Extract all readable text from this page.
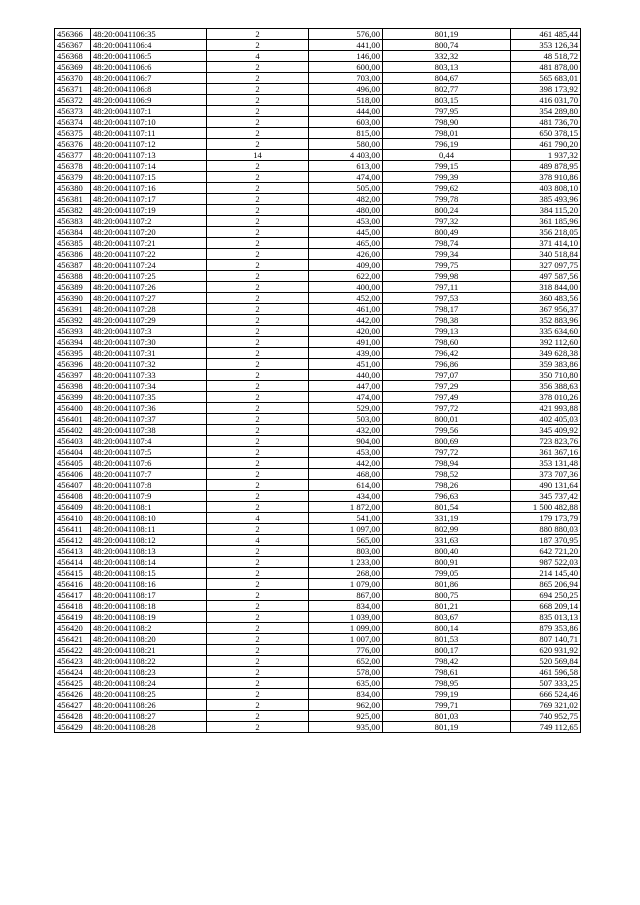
456366	48:20:0041106:35	2	576,00	801,19	461 485,44
456367	48:20:0041106:4	2	441,00	800,74	353 126,34
456368	48:20:0041106:5	4	146,00	332,32	48 518,72
456369	48:20:0041106:6	2	600,00	803,13	481 878,00
456370	48:20:0041106:7	2	703,00	804,67	565 683,01
456371	48:20:0041106:8	2	496,00	802,77	398 173,92
456372	48:20:0041106:9	2	518,00	803,15	416 031,70
456373	48:20:0041107:1	2	444,00	797,95	354 289,80
456374	48:20:0041107:10	2	603,00	798,90	481 736,70
456375	48:20:0041107:11	2	815,00	798,01	650 378,15
456376	48:20:0041107:12	2	580,00	796,19	461 790,20
456377	48:20:0041107:13	14	4 403,00	0,44	1 937,32
456378	48:20:0041107:14	2	613,00	799,15	489 878,95
456379	48:20:0041107:15	2	474,00	799,39	378 910,86
456380	48:20:0041107:16	2	505,00	799,62	403 808,10
456381	48:20:0041107:17	2	482,00	799,78	385 493,96
456382	48:20:0041107:19	2	480,00	800,24	384 115,20
456383	48:20:0041107:2	2	453,00	797,32	361 185,96
456384	48:20:0041107:20	2	445,00	800,49	356 218,05
456385	48:20:0041107:21	2	465,00	798,74	371 414,10
456386	48:20:0041107:22	2	426,00	799,34	340 518,84
456387	48:20:0041107:24	2	409,00	799,75	327 097,75
456388	48:20:0041107:25	2	622,00	799,98	497 587,56
456389	48:20:0041107:26	2	400,00	797,11	318 844,00
456390	48:20:0041107:27	2	452,00	797,53	360 483,56
456391	48:20:0041107:28	2	461,00	798,17	367 956,37
456392	48:20:0041107:29	2	442,00	798,38	352 883,96
456393	48:20:0041107:3	2	420,00	799,13	335 634,60
456394	48:20:0041107:30	2	491,00	798,60	392 112,60
456395	48:20:0041107:31	2	439,00	796,42	349 628,38
456396	48:20:0041107:32	2	451,00	796,86	359 383,86
456397	48:20:0041107:33	2	440,00	797,07	350 710,80
456398	48:20:0041107:34	2	447,00	797,29	356 388,63
456399	48:20:0041107:35	2	474,00	797,49	378 010,26
456400	48:20:0041107:36	2	529,00	797,72	421 993,88
456401	48:20:0041107:37	2	503,00	800,01	402 405,03
456402	48:20:0041107:38	2	432,00	799,56	345 409,92
456403	48:20:0041107:4	2	904,00	800,69	723 823,76
456404	48:20:0041107:5	2	453,00	797,72	361 367,16
456405	48:20:0041107:6	2	442,00	798,94	353 131,48
456406	48:20:0041107:7	2	468,00	798,52	373 707,36
456407	48:20:0041107:8	2	614,00	798,26	490 131,64
456408	48:20:0041107:9	2	434,00	796,63	345 737,42
456409	48:20:0041108:1	2	1 872,00	801,54	1 500 482,88
456410	48:20:0041108:10	4	541,00	331,19	179 173,79
456411	48:20:0041108:11	2	1 097,00	802,99	880 880,03
456412	48:20:0041108:12	4	565,00	331,63	187 370,95
456413	48:20:0041108:13	2	803,00	800,40	642 721,20
456414	48:20:0041108:14	2	1 233,00	800,91	987 522,03
456415	48:20:0041108:15	2	268,00	799,05	214 145,40
456416	48:20:0041108:16	2	1 079,00	801,86	865 206,94
456417	48:20:0041108:17	2	867,00	800,75	694 250,25
456418	48:20:0041108:18	2	834,00	801,21	668 209,14
456419	48:20:0041108:19	2	1 039,00	803,67	835 013,13
456420	48:20:0041108:2	2	1 099,00	800,14	879 353,86
456421	48:20:0041108:20	2	1 007,00	801,53	807 140,71
456422	48:20:0041108:21	2	776,00	800,17	620 931,92
456423	48:20:0041108:22	2	652,00	798,42	520 569,84
456424	48:20:0041108:23	2	578,00	798,61	461 596,58
456425	48:20:0041108:24	2	635,00	798,95	507 333,25
456426	48:20:0041108:25	2	834,00	799,19	666 524,46
456427	48:20:0041108:26	2	962,00	799,71	769 321,02
456428	48:20:0041108:27	2	925,00	801,03	740 952,75
456429	48:20:0041108:28	2	935,00	801,19	749 112,65
